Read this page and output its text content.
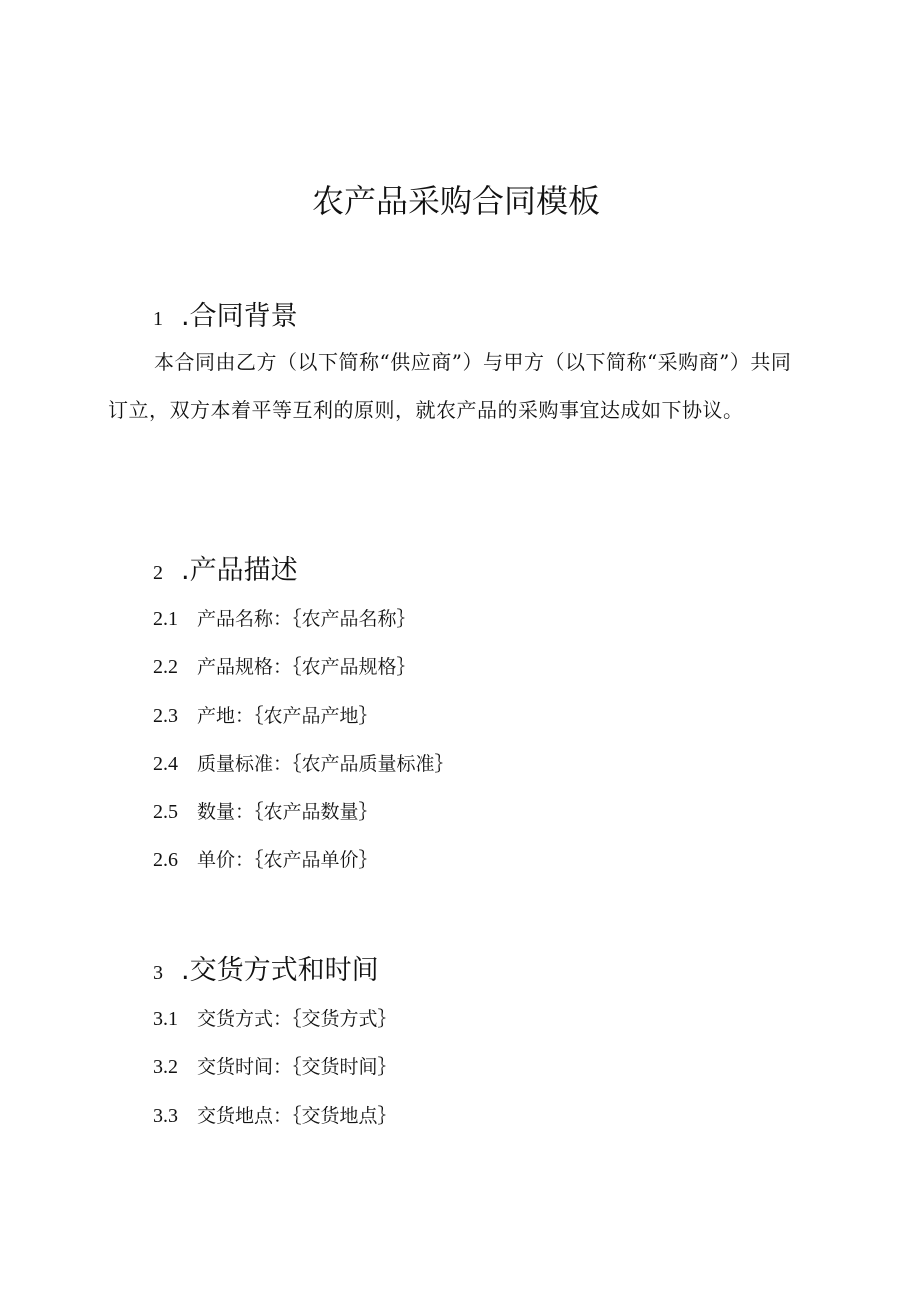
农产品采购合同模板
1 .合同背景

本合同由乙方（以下简称“供应商”）与甲方（以下简称“采购商”）共同订立，双方本着平等互利的原则，就农产品的采购事宜达成如下协议。

2 .产品描述
2.1 产品名称：｛农产品名称｝
2.2 产品规格：｛农产品规格｝
2.3 产地：｛农产品产地｝
2.4 质量标准：｛农产品质量标准｝
2.5 数量：｛农产品数量｝
2.6 单价：｛农产品单价｝
3 .交货方式和时间
3.1 交货方式：｛交货方式｝
3.2 交货时间：｛交货时间｝
3.3 交货地点：｛交货地点｝
